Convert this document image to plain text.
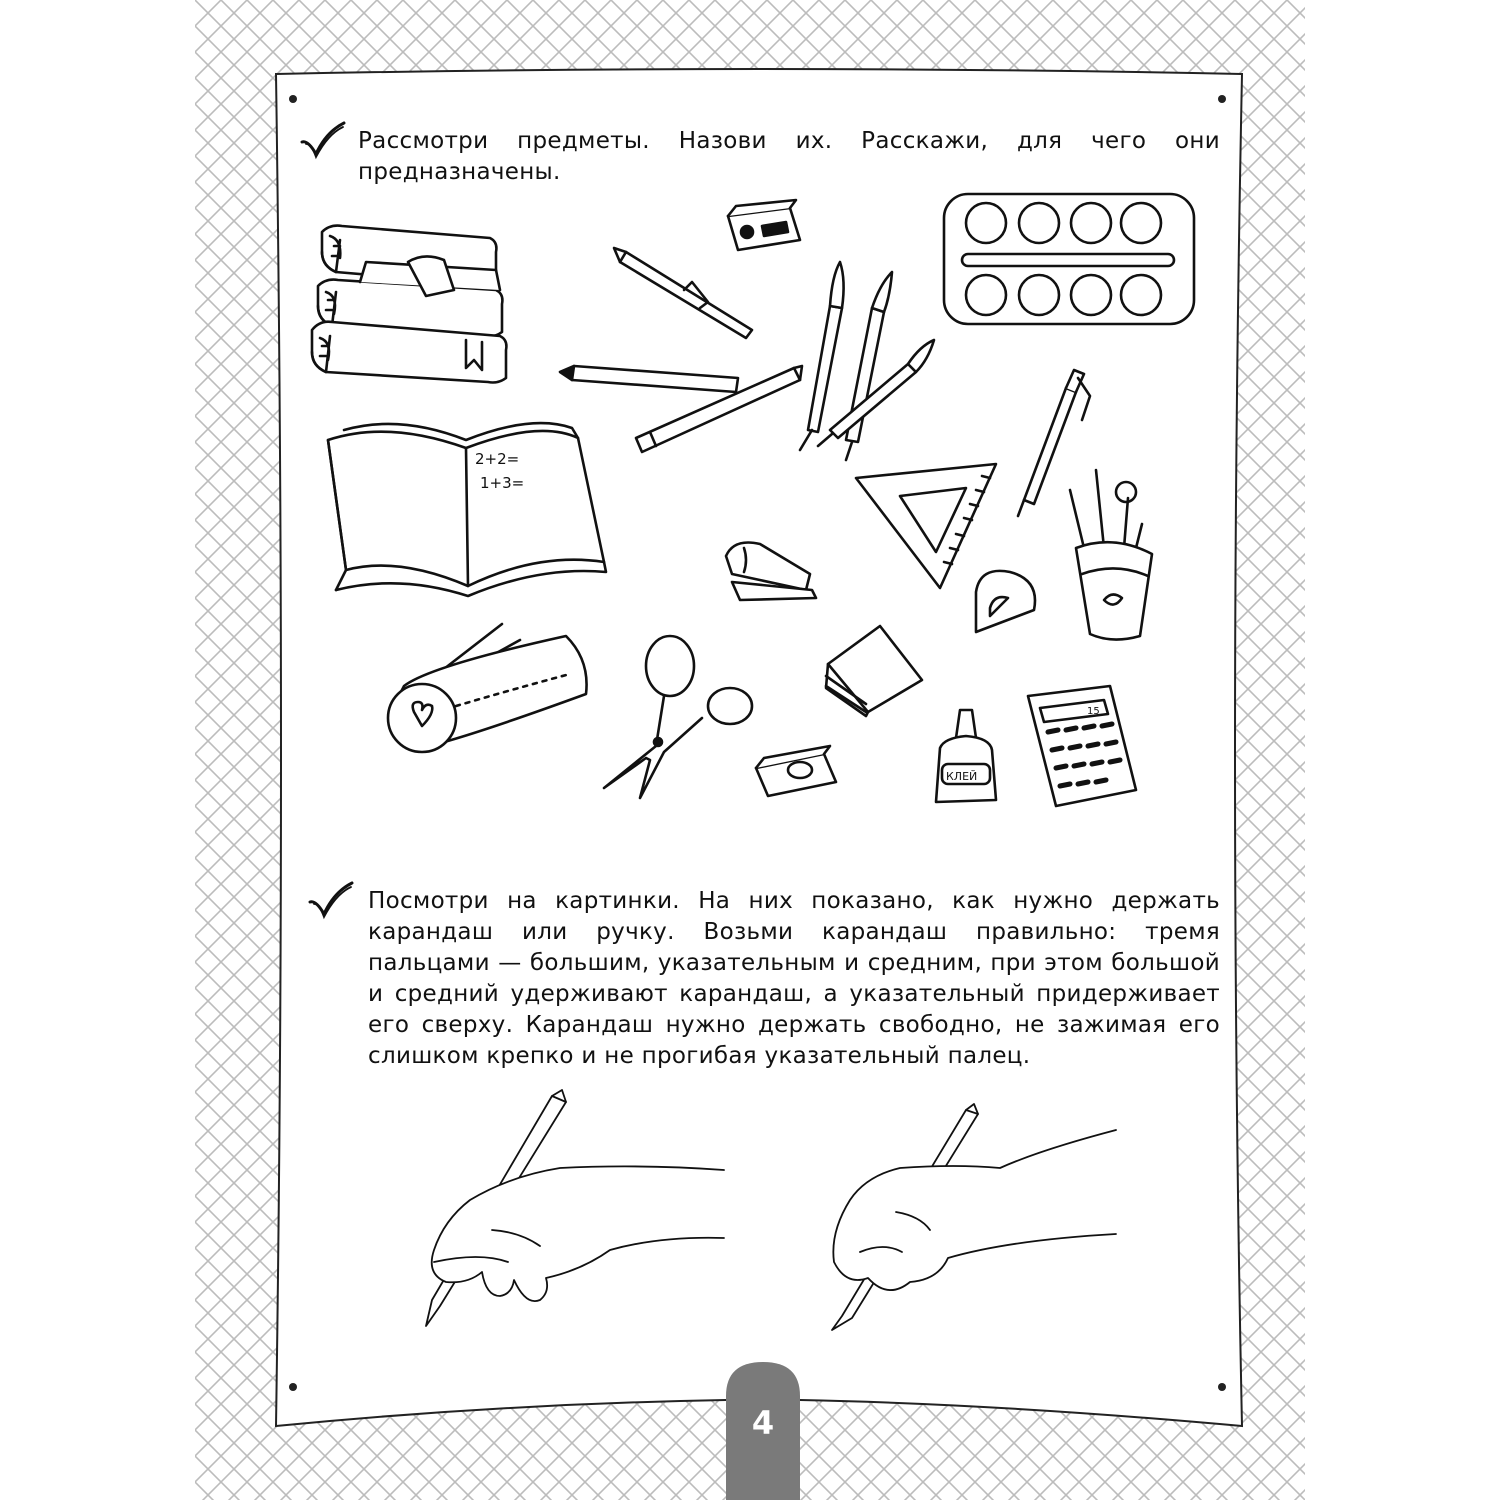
4

Рассмотри предметы. Назови их. Расскажи, для чего они предназначены.

2+2=
1+3=
КЛЕЙ
15

Посмотри на картинки. На них показано, как нужно держать карандаш или ручку. Возьми карандаш правильно: тремя пальцами — большим, указательным и средним, при этом большой и средний удерживают карандаш, а указательный придерживает его сверху. Карандаш нужно держать свободно, не зажимая его слишком крепко и не прогибая указательный палец.
